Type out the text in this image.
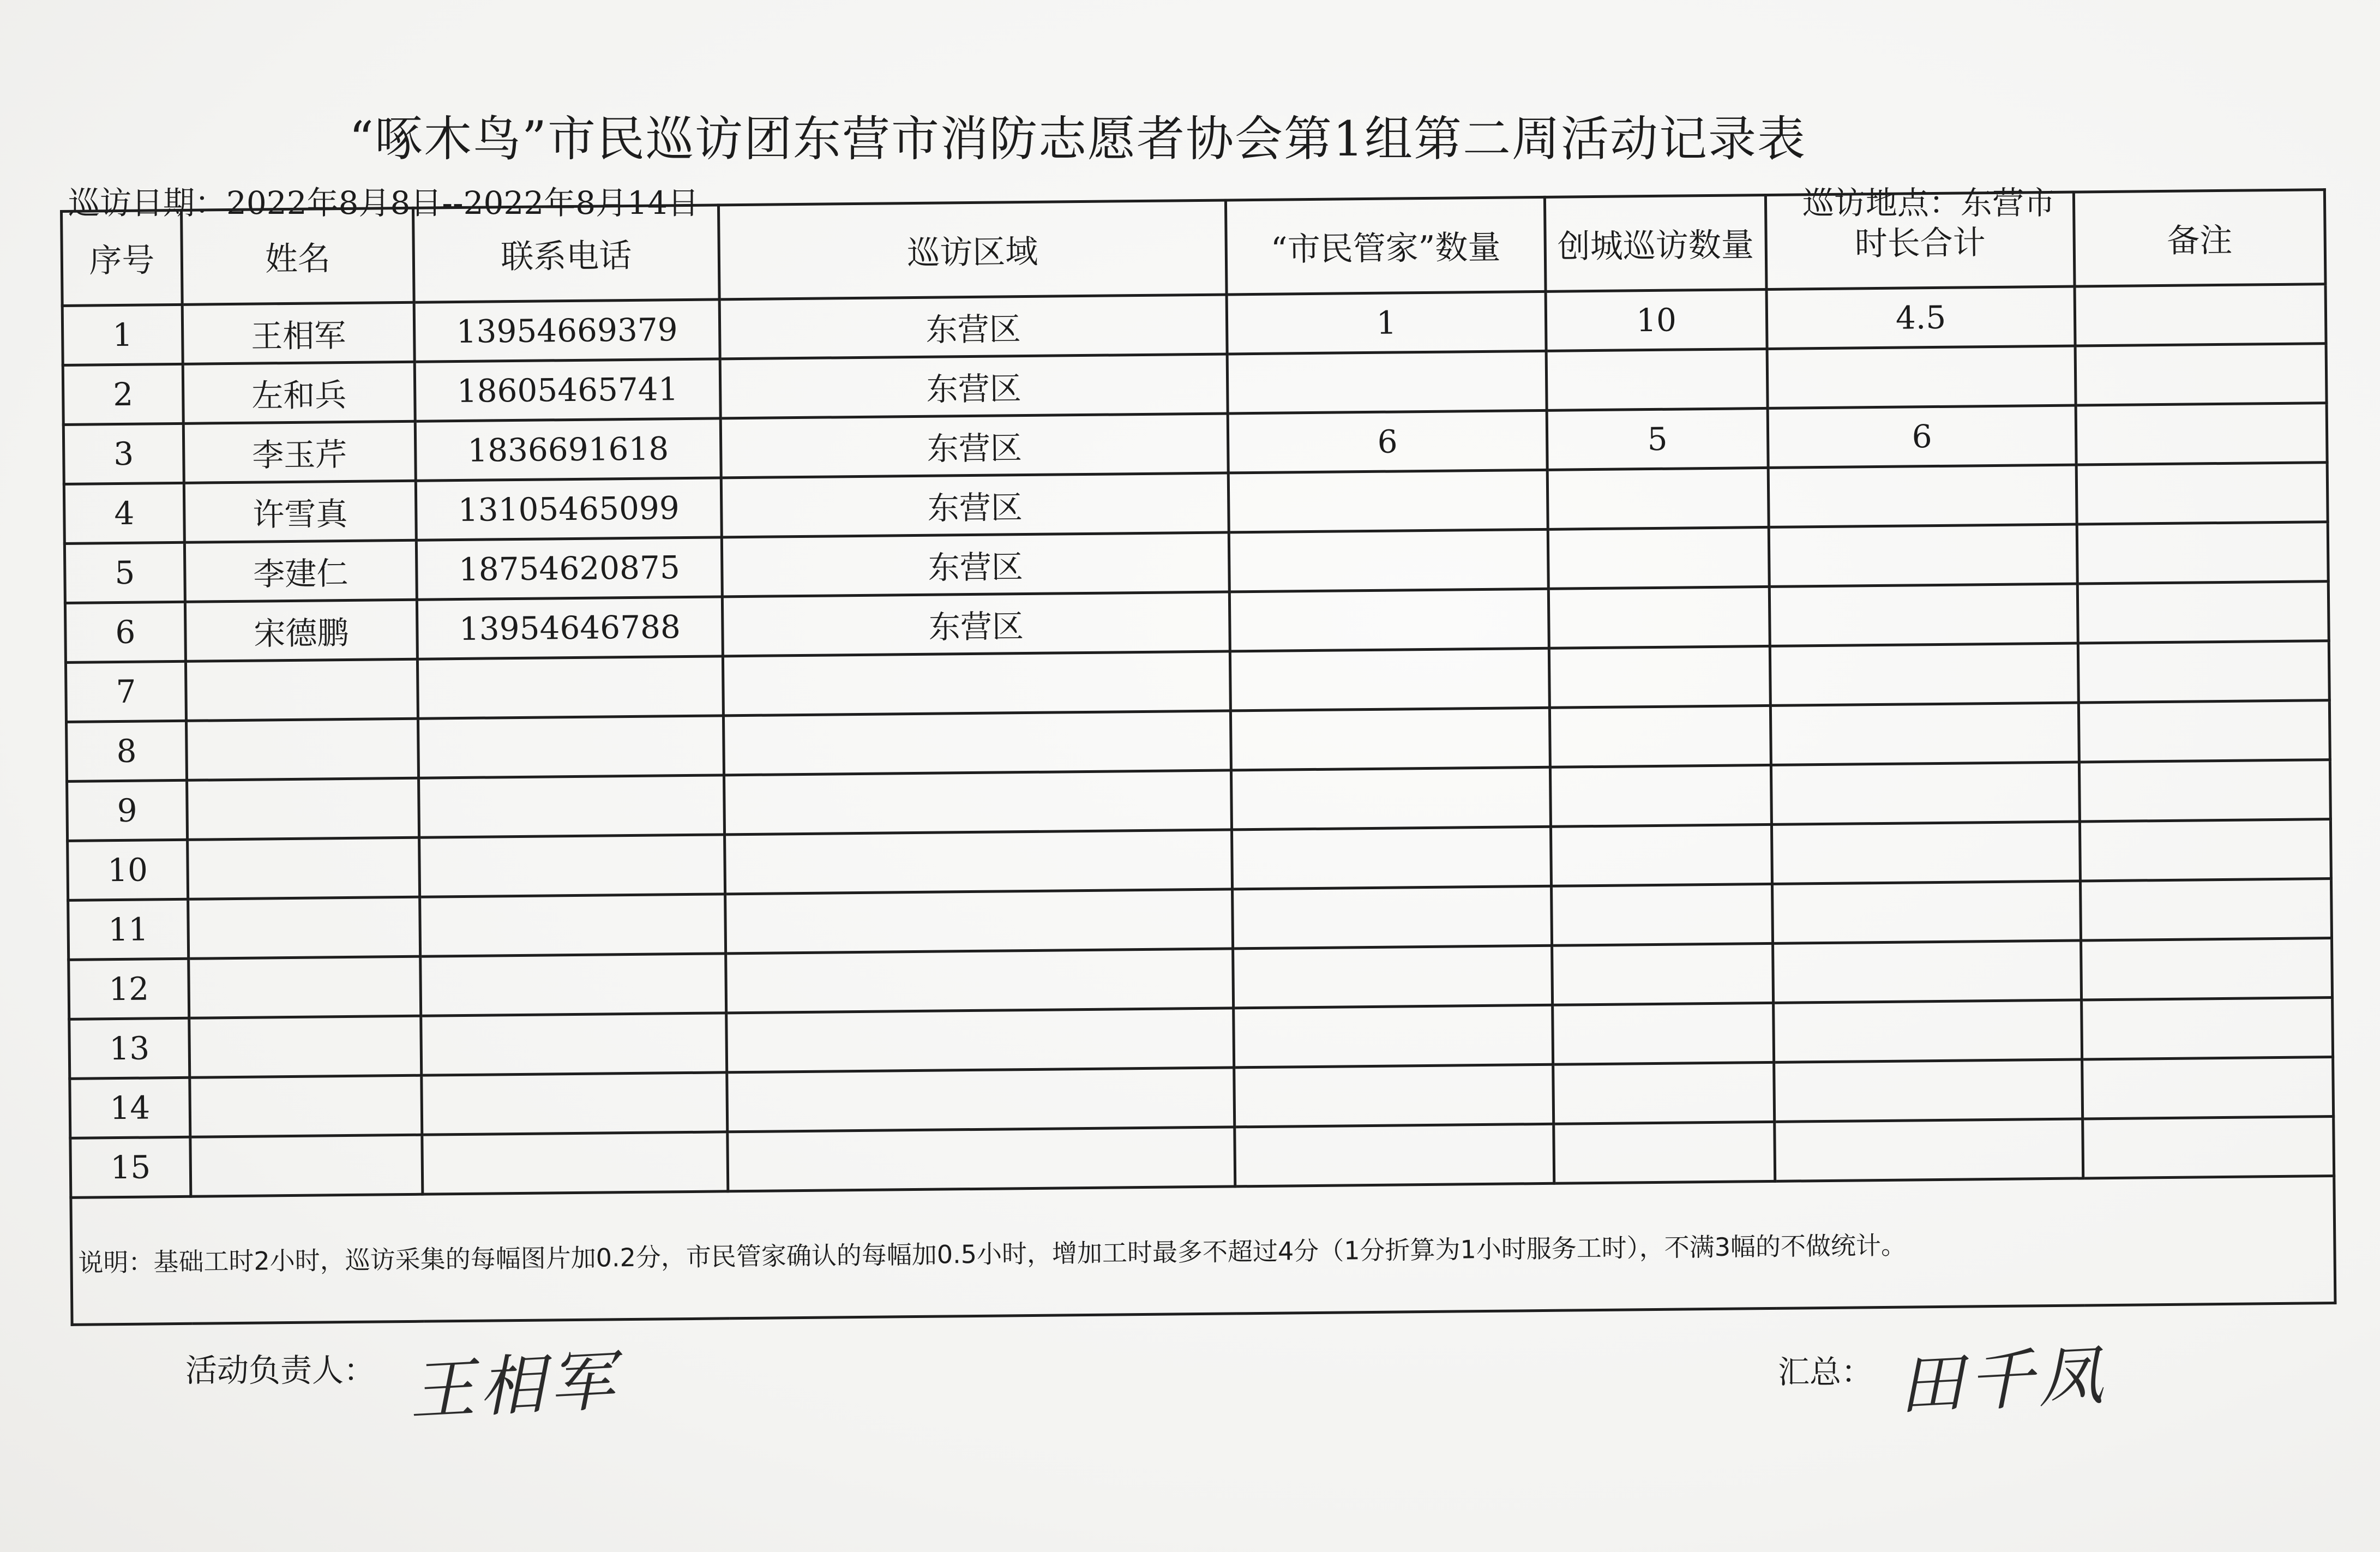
“啄木鸟”市民巡访团东营市消防志愿者协会第1组第二周活动记录表
巡访日期：2022年8月8日--2022年8月14日	巡访地点：东营市
序号	姓名	联系电话	巡访区域	“市民管家”数量	创城巡访数量	时长合计	备注
1	王相军	13954669379	东营区	1	10	4.5	
2	左和兵	18605465741	东营区				
3	李玉芹	1836691618	东营区	6	5	6	
4	许雪真	13105465099	东营区				
5	李建仁	18754620875	东营区				
6	宋德鹏	13954646788	东营区				
7							
8							
9							
10							
11							
12							
13							
14							
15							
说明：基础工时2小时，巡访采集的每幅图片加0.2分，市民管家确认的每幅加0.5小时，增加工时最多不超过4分（1分折算为1小时服务工时），不满3幅的不做统计。							
活动负责人： 王相军	汇总： 田千凤
